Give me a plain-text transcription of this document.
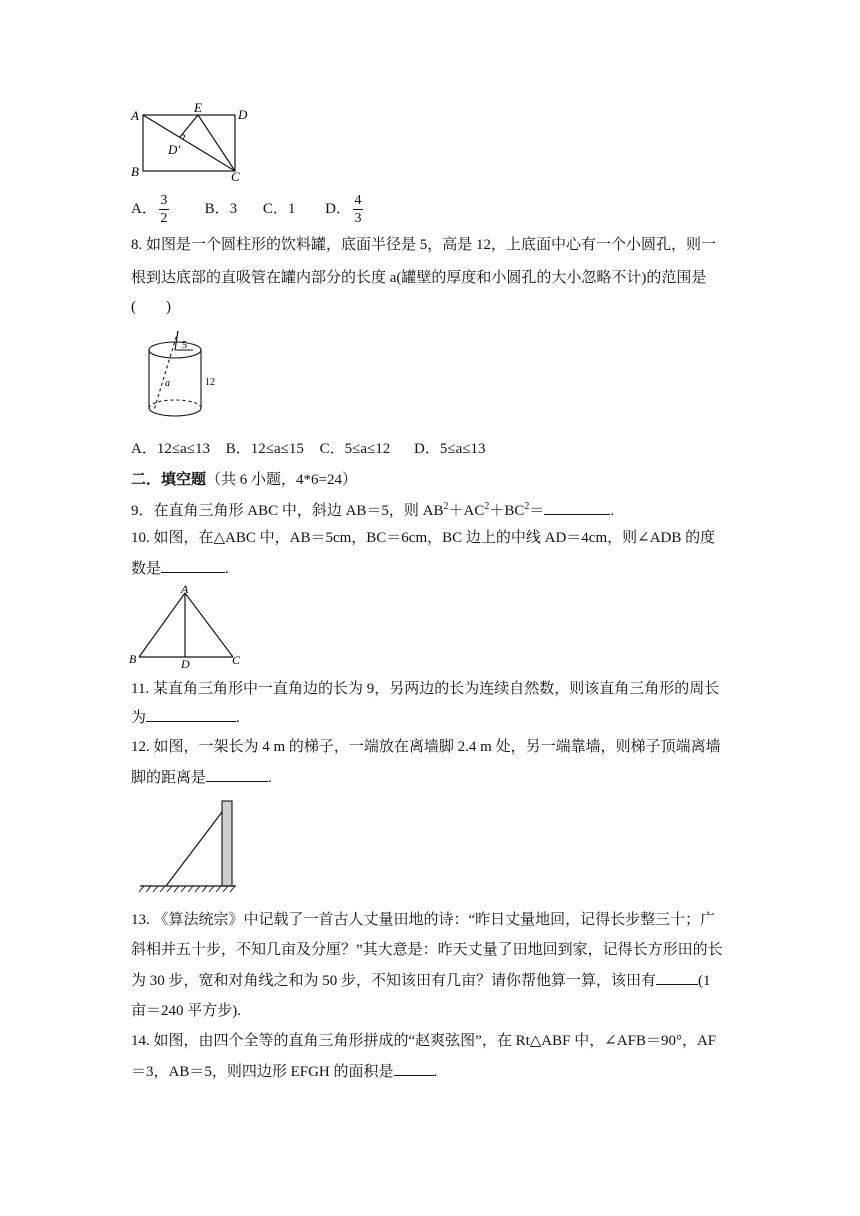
A
E	D
B	C
D'
A． $\frac{3}{2}$ B．3 C．1 D． $\frac{4}{3}$
8. 如图是一个圆柱形的饮料罐，底面半径是 5，高是 12，上底面中心有一个小圆孔，则一
根到达底部的直吸管在罐内部分的长度 a(罐壁的厚度和小圆孔的大小忽略不计)的范围是
(　　)
5
a	12
A．12≤a≤13 B．12≤a≤15 C．5≤a≤12 D．5≤a≤13
二．填空题（共 6 小题，4*6=24）
9．在直角三角形 ABC 中，斜边 AB＝5，则 $AB^2+AC^2+BC^2=$	.
10. 如图，在△ABC 中，AB＝5cm，BC＝6cm，BC 边上的中线 AD＝4cm，则∠ADB 的度
数是	.
A
B	D	C
11. 某直角三角形中一直角边的长为 9，另两边的长为连续自然数，则该直角三角形的周长
为	.
12. 如图，一架长为 4 m 的梯子，一端放在离墙脚 2.4 m 处，另一端靠墙，则梯子顶端离墙
脚的距离是	.
13. 《算法统宗》中记载了一首古人丈量田地的诗：“昨日丈量地回，记得长步整三十；广
斜相并五十步，不知几亩及分厘？”其大意是：昨天丈量了田地回到家，记得长方形田的长
为 30 步，宽和对角线之和为 50 步，不知该田有几亩？请你帮他算一算，该田有	(1
亩＝240 平方步).
14. 如图，由四个全等的直角三角形拼成的“赵爽弦图”，在 Rt△ABF 中，∠AFB＝90°，AF
＝3，AB＝5，则四边形 EFGH 的面积是	.
